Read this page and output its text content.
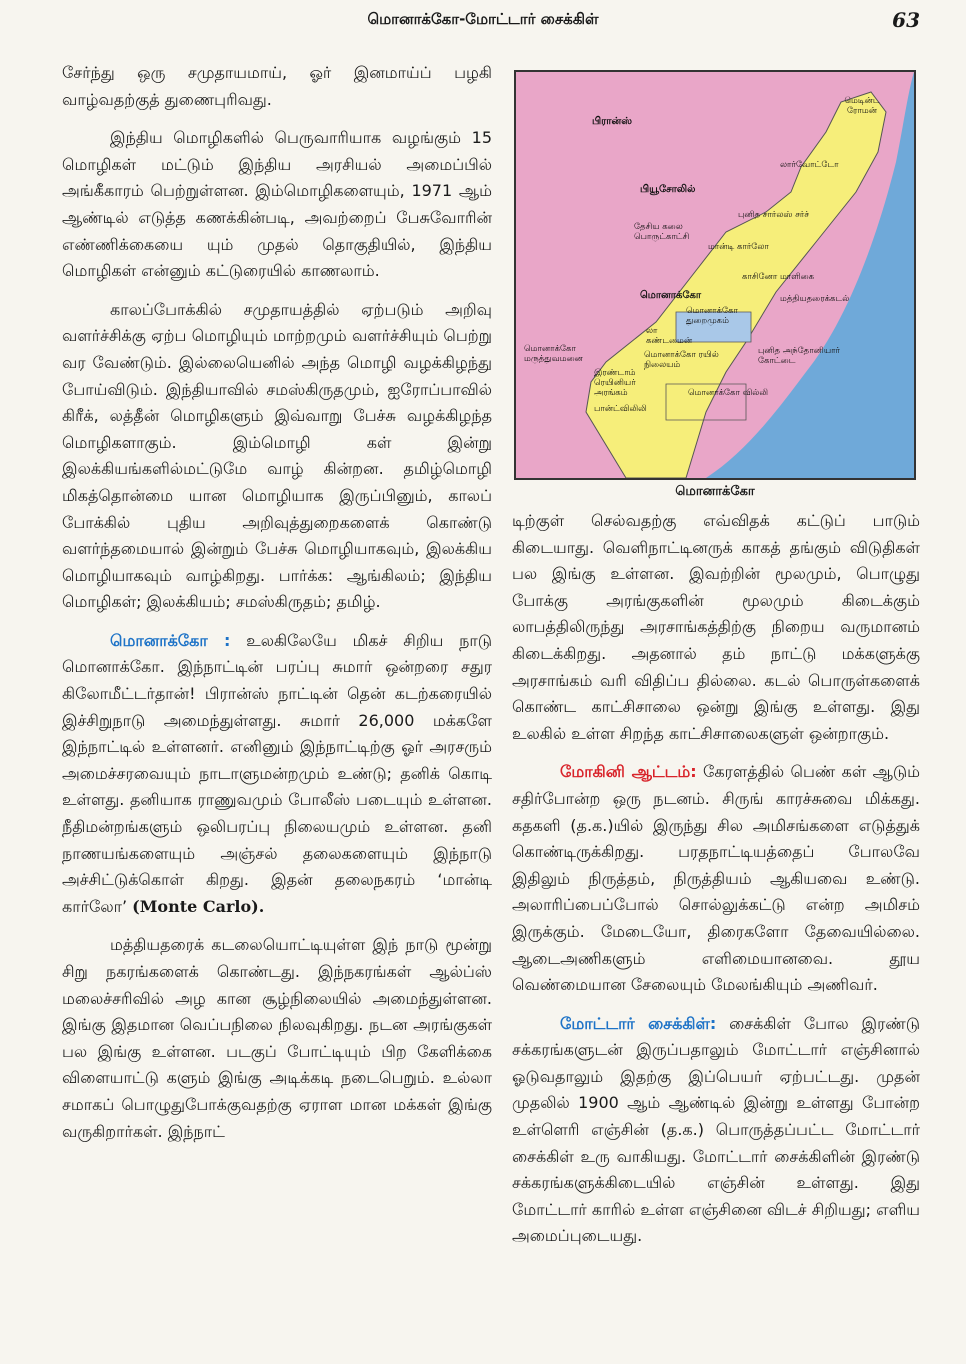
மொனாக்கோ-மோட்டார் சைக்கிள்	63

சேர்ந்து ஒரு சமுதாயமாய், ஓர் இனமாய்ப் பழகி வாழ்வதற்குத் துணைபுரிவது.

இந்திய மொழிகளில் பெருவாரியாக வழங்கும் 15 மொழிகள் மட்டும் இந்திய அரசியல் அமைப்பில் அங்கீகாரம் பெற்றுள்ளன. இம்மொழிகளையும், 1971 ஆம் ஆண்டில் எடுத்த கணக்கின்படி, அவற்றைப் பேசுவோரின் எண்ணிக்கையை யும் முதல் தொகுதியில், இந்திய மொழிகள் என்னும் கட்டுரையில் காணலாம்.

காலப்போக்கில் சமுதாயத்தில் ஏற்படும் அறிவு வளர்ச்சிக்கு ஏற்ப மொழியும் மாற்றமும் வளர்ச்சியும் பெற்று வர வேண்டும். இல்லையெனில் அந்த மொழி வழக்கிழந்து போய்விடும். இந்தியாவில் சமஸ்கிருதமும், ஐரோப்பாவில் கிரீக், லத்தீன் மொழிகளும் இவ்வாறு பேச்சு வழக்கிழந்த மொழிகளாகும். இம்மொழி கள் இன்று இலக்கியங்களில்மட்டுமே வாழ் கின்றன. தமிழ்மொழி மிகத்தொன்மை யான மொழியாக இருப்பினும், காலப் போக்கில் புதிய அறிவுத்துறைகளைக் கொண்டு வளர்ந்தமையால் இன்றும் பேச்சு மொழியாகவும், இலக்கிய மொழியாகவும் வாழ்கிறது. பார்க்க: ஆங்கிலம்; இந்திய மொழிகள்; இலக்கியம்; சமஸ்கிருதம்; தமிழ்.

மொனாக்கோ : உலகிலேயே மிகச் சிறிய நாடு மொனாக்கோ. இந்நாட்டின் பரப்பு சுமார் ஒன்றரை சதுர கிலோமீட்டர்தான்! பிரான்ஸ் நாட்டின் தென் கடற்கரையில் இச்சிறுநாடு அமைந்துள்ளது. சுமார் 26,000 மக்களே இந்நாட்டில் உள்ளனர். எனினும் இந்நாட்டிற்கு ஓர் அரசரும் அமைச்சரவையும் நாடாளுமன்றமும் உண்டு; தனிக் கொடி உள்ளது. தனியாக ராணுவமும் போலீஸ் படையும் உள்ளன. நீதிமன்றங்களும் ஒலிபரப்பு நிலையமும் உள்ளன. தனி நாணயங்களையும் அஞ்சல் தலைகளையும் இந்நாடு அச்சிட்டுக்கொள் கிறது. இதன் தலைநகரம் ‘மான்டி கார்லோ’ (Monte Carlo).

மத்தியதரைக் கடலையொட்டியுள்ள இந் நாடு மூன்று சிறு நகரங்களைக் கொண்டது. இந்நகரங்கள் ஆல்ப்ஸ் மலைச்சரிவில் அழ கான சூழ்நிலையில் அமைந்துள்ளன. இங்கு இதமான வெப்பநிலை நிலவுகிறது. நடன அரங்குகள் பல இங்கு உள்ளன. படகுப் போட்டியும் பிற கேளிக்கை விளையாட்டு களும் இங்கு அடிக்கடி நடைபெறும். உல்லா சமாகப் பொழுதுபோக்குவதற்கு ஏராள மான மக்கள் இங்கு வருகிறார்கள். இந்நாட்

பிரான்ஸ்
மெடின்ட ரோமன்
லார்வோட்டோ
பியூசோலில்
புனித சார்லஸ் சர்ச்
தேசிய கலை பொருட்காட்சி
மான்டி கார்லோ
காசினோ மாளிகை
மத்தியதரைக்கடல்
மொனாக்கோ
மொனாக்கோ துறைமுகம்
லா கண்டமைன்
மொனாக்கோ ரயில் நிலையம்
மொனாக்கோ மருத்துவமனை
இரண்டாம் ரெயினியர் அரங்கம்
புனித அந்தோனியார் கோட்டை
பான்ட்விலிலி
மொனாக்கோ வில்லி
மொனாக்கோ

டிற்குள் செல்வதற்கு எவ்விதக் கட்டுப் பாடும் கிடையாது. வெளிநாட்டினருக் காகத் தங்கும் விடுதிகள் பல இங்கு உள்ளன. இவற்றின் மூலமும், பொழுது போக்கு அரங்குகளின் மூலமும் கிடைக்கும் லாபத்திலிருந்து அரசாங்கத்திற்கு நிறைய வருமானம் கிடைக்கிறது. அதனால் தம் நாட்டு மக்களுக்கு அரசாங்கம் வரி விதிப்ப தில்லை. கடல் பொருள்களைக் கொண்ட காட்சிசாலை ஒன்று இங்கு உள்ளது. இது உலகில் உள்ள சிறந்த காட்சிசாலைகளுள் ஒன்றாகும்.

மோகினி ஆட்டம்: கேரளத்தில் பெண் கள் ஆடும் சதிர்போன்ற ஒரு நடனம். சிருங் காரச்சுவை மிக்கது. கதகளி (த.க.)யில் இருந்து சில அமிசங்களை எடுத்துக் கொண்டிருக்கிறது. பரதநாட்டியத்தைப் போலவே இதிலும் நிருத்தம், நிருத்தியம் ஆகியவை உண்டு. அலாரிப்பைப்போல் சொல்லுக்கட்டு என்ற அமிசம் இருக்கும். மேடையோ, திரைகளோ தேவையில்லை. ஆடைஅணிகளும் எளிமையானவை. தூய வெண்மையான சேலையும் மேலங்கியும் அணிவர்.

மோட்டார் சைக்கிள்: சைக்கிள் போல இரண்டு சக்கரங்களுடன் இருப்பதாலும் மோட்டார் எஞ்சினால் ஓடுவதாலும் இதற்கு இப்பெயர் ஏற்பட்டது. முதன் முதலில் 1900 ஆம் ஆண்டில் இன்று உள்ளது போன்ற உள்ளெரி எஞ்சின் (த.க.) பொருத்தப்பட்ட மோட்டார் சைக்கிள் உரு வாகியது. மோட்டார் சைக்கிளின் இரண்டு சக்கரங்களுக்கிடையில் எஞ்சின் உள்ளது. இது மோட்டார் காரில் உள்ள எஞ்சினை விடச் சிறியது; எளிய அமைப்புடையது.
